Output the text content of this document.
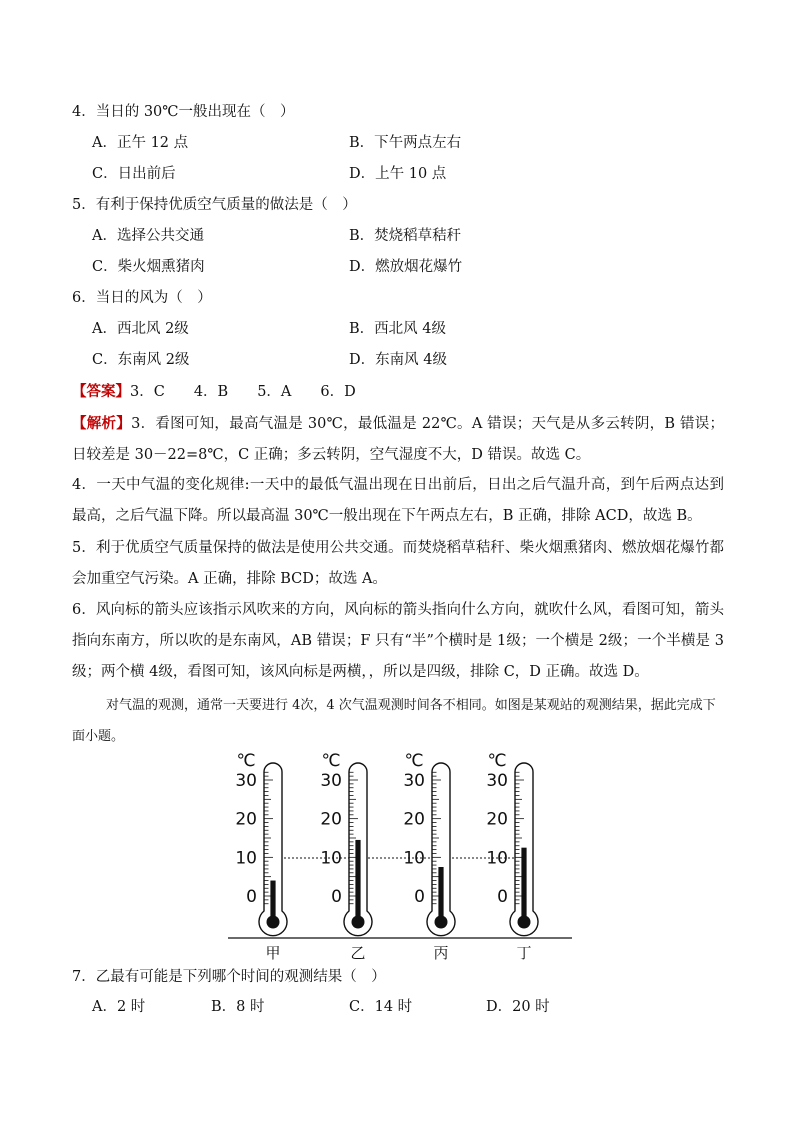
4．当日的 30℃一般出现在（　）
A．正午 12 点	B．下午两点左右
C．日出前后	D．上午 10 点
5．有利于保持优质空气质量的做法是（　）
A．选择公共交通	B．焚烧稻草秸秆
C．柴火烟熏猪肉	D．燃放烟花爆竹
6．当日的风为（　）
A．西北风 2级	B．西北风 4级
C．东南风 2级	D．东南风 4级
【答案】3．C　　4．B　　5．A　　6．D
【解析】3．看图可知，最高气温是 30℃，最低温是 22℃。A 错误；天气是从多云转阴，B 错误；日较差是 30－22=8℃，C 正确；多云转阴，空气湿度不大，D 错误。故选 C。
4．一天中气温的变化规律:一天中的最低气温出现在日出前后，日出之后气温升高，到午后两点达到最高，之后气温下降。所以最高温 30℃一般出现在下午两点左右，B 正确，排除 ACD，故选 B。
5．利于优质空气质量保持的做法是使用公共交通。而焚烧稻草秸秆、柴火烟熏猪肉、燃放烟花爆竹都会加重空气污染。A 正确，排除 BCD；故选 A。
6．风向标的箭头应该指示风吹来的方向，风向标的箭头指向什么方向，就吹什么风，看图可知，箭头指向东南方，所以吹的是东南风，AB 错误；F 只有“半”个横时是 1级；一个横是 2级；一个半横是 3级；两个横 4级，看图可知，该风向标是两横，，所以是四级，排除 C，D 正确。故选 D。
对气温的观测，通常一天要进行 4次，4 次气温观测时间各不相同。如图是某观站的观测结果，据此完成下面小题。
℃
30
20
10
0
甲
℃
30
20
10
0
乙
℃
30
20
10
0
丙
℃
30
20
10
0
丁
7．乙最有可能是下列哪个时间的观测结果（　）
A．2 时	B．8 时	C．14 时	D．20 时
